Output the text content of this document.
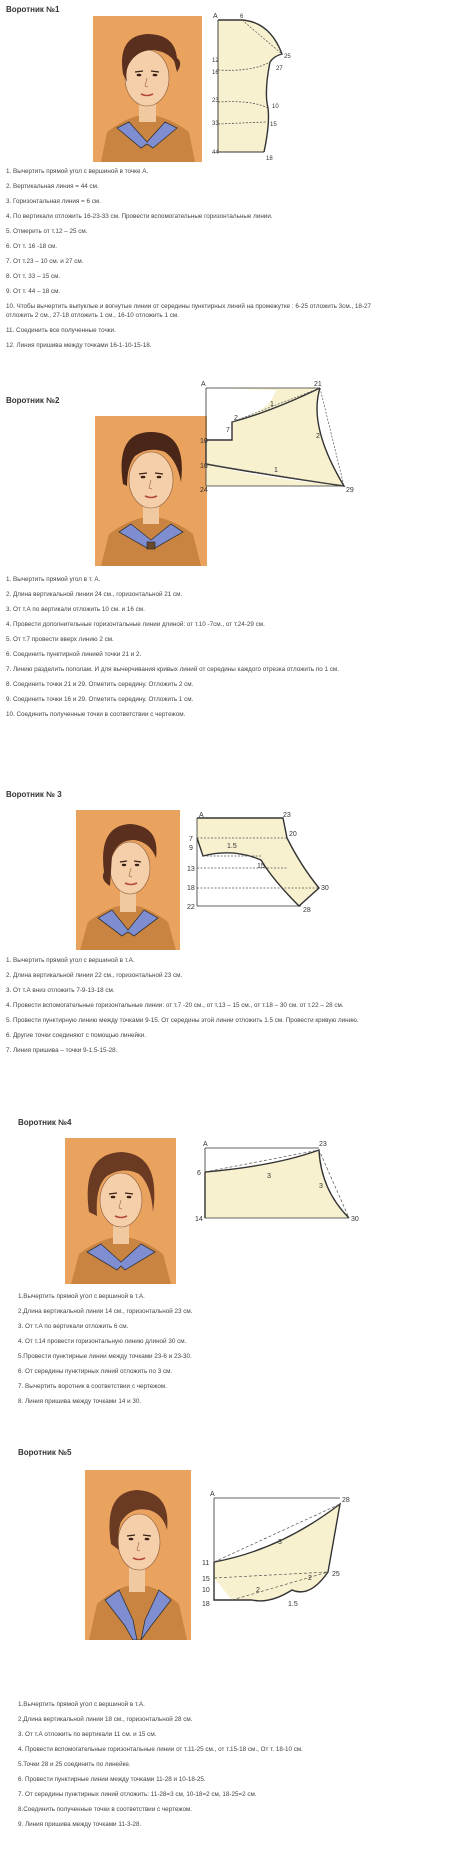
Воротник №1
A	6
25
12
16
27
23
10
33	15
44
18
1. Вычертить прямой угол с вершиной в точке А.
2. Вертикальная линия = 44 см.
3. Горизонтальная линия = 6 см.
4. По вертикали отложить 16-23-33 см. Провести вспомогательные горизонтальные линии.
5. Отмерить от т.12 – 25 см.
6. От т. 16 -18 см.
7. От т.23 – 10 см. и 27 см.
8. От т. 33 – 15 см.
9. От т. 44 – 18 см.
10. Чтобы вычертить выпуклые и вогнутые линии от середины пунктирных линий на промежутке : 6-25 отложить 3см., 18-27
отложить 2 см., 27-18 отложить 1 см., 16-10 отложить 1 см.
11. Соединить все полученные точки.
12. Линия пришива между точками 16-1-10-15-18.
Воротник №2
A	21
10
7
2
1
2
16
1
24	29
1. Вычертить прямой угол в т. А.
2. Длина вертикальной линии 24 см., горизонтальной 21 см.
3. От т.А по вертикали отложить 10 см. и 16 см.
4. Провести дополнительные горизонтальные линии длиной: от т.10 -7см., от т.24-29 см.
5. От т.7 провести вверх линию 2 см.
6. Соединить пунктирной линией точки 21 и 2.
7. Линию разделить пополам. И для вычерчивания кривых линий от середины каждого отрезка отложить по 1 см.
8. Соединить точки 21 и 29. Отметить середину. Отложить 2 см.
9. Соединить точки 16 и 29. Отметить середину. Отложить 1 см.
10. Соединить полученные точки в соответствии с чертежом.
Воротник № 3
A	23
7
9	1.5
20
13	15
18	30
22	28
1. Вычертить прямой угол с вершиной в т.А.
2. Длина вертикальной линии 22 см., горизонтальной 23 см.
3. От т.А вниз отложить 7-9-13-18 см.
4. Провести вспомогательные горизонтальные линии: от т.7 -20 см., от т.13 – 15 см., от т.18 – 30 см. от т.22 – 28 см.
5. Провести пунктирную линию между точками 9-15. От середины этой линии отложить 1.5 см. Провести кривую линию.
6. Другие точки соединяют с помощью линейки.
7. Линия пришива – точки 9-1.5-15-28.
Воротник №4
A	23
6	3
3
14	30
1.Вычертить прямой угол с вершиной в т.А.
2.Длина вертикальной линии 14 см., горизонтальной 23 см.
3. От т.А по вертикали отложить 6 см.
4. От т.14 провести горизонтальную линию длиной 30 см.
5.Провести пунктирные линии между точками 23-6 и 23-30.
6. От середины пунктирных линий отложить по 3 см.
7. Вычертить воротник в соответствии с чертежом.
8. Линия пришива между точками 14 и 30.
Воротник №5
A
28
3
2
25
11
15
10
1.5
2
18
1.Вычертить прямой угол с вершиной в т.А.
2.Длина вертикальной линии 18 см., горизонтальной 28 см.
3. От т.А отложить по вертикали 11 см. и 15 см.
4. Провести вспомогательные горизонтальные линии от т.11-25 см., от т.15-18 см., От т. 18-10 см.
5.Точки 28 и 25 соединить по линейке.
6. Провести пунктирные линии между точками 11-28 и 10-18-25.
7. От середины пунктирных линий отложить: 11-28=3 см, 10-18=2 см, 18-25=2 см.
8.Соединить полученные точки в соответствии с чертежом.
9. Линия пришива между точками 11-3-28.
